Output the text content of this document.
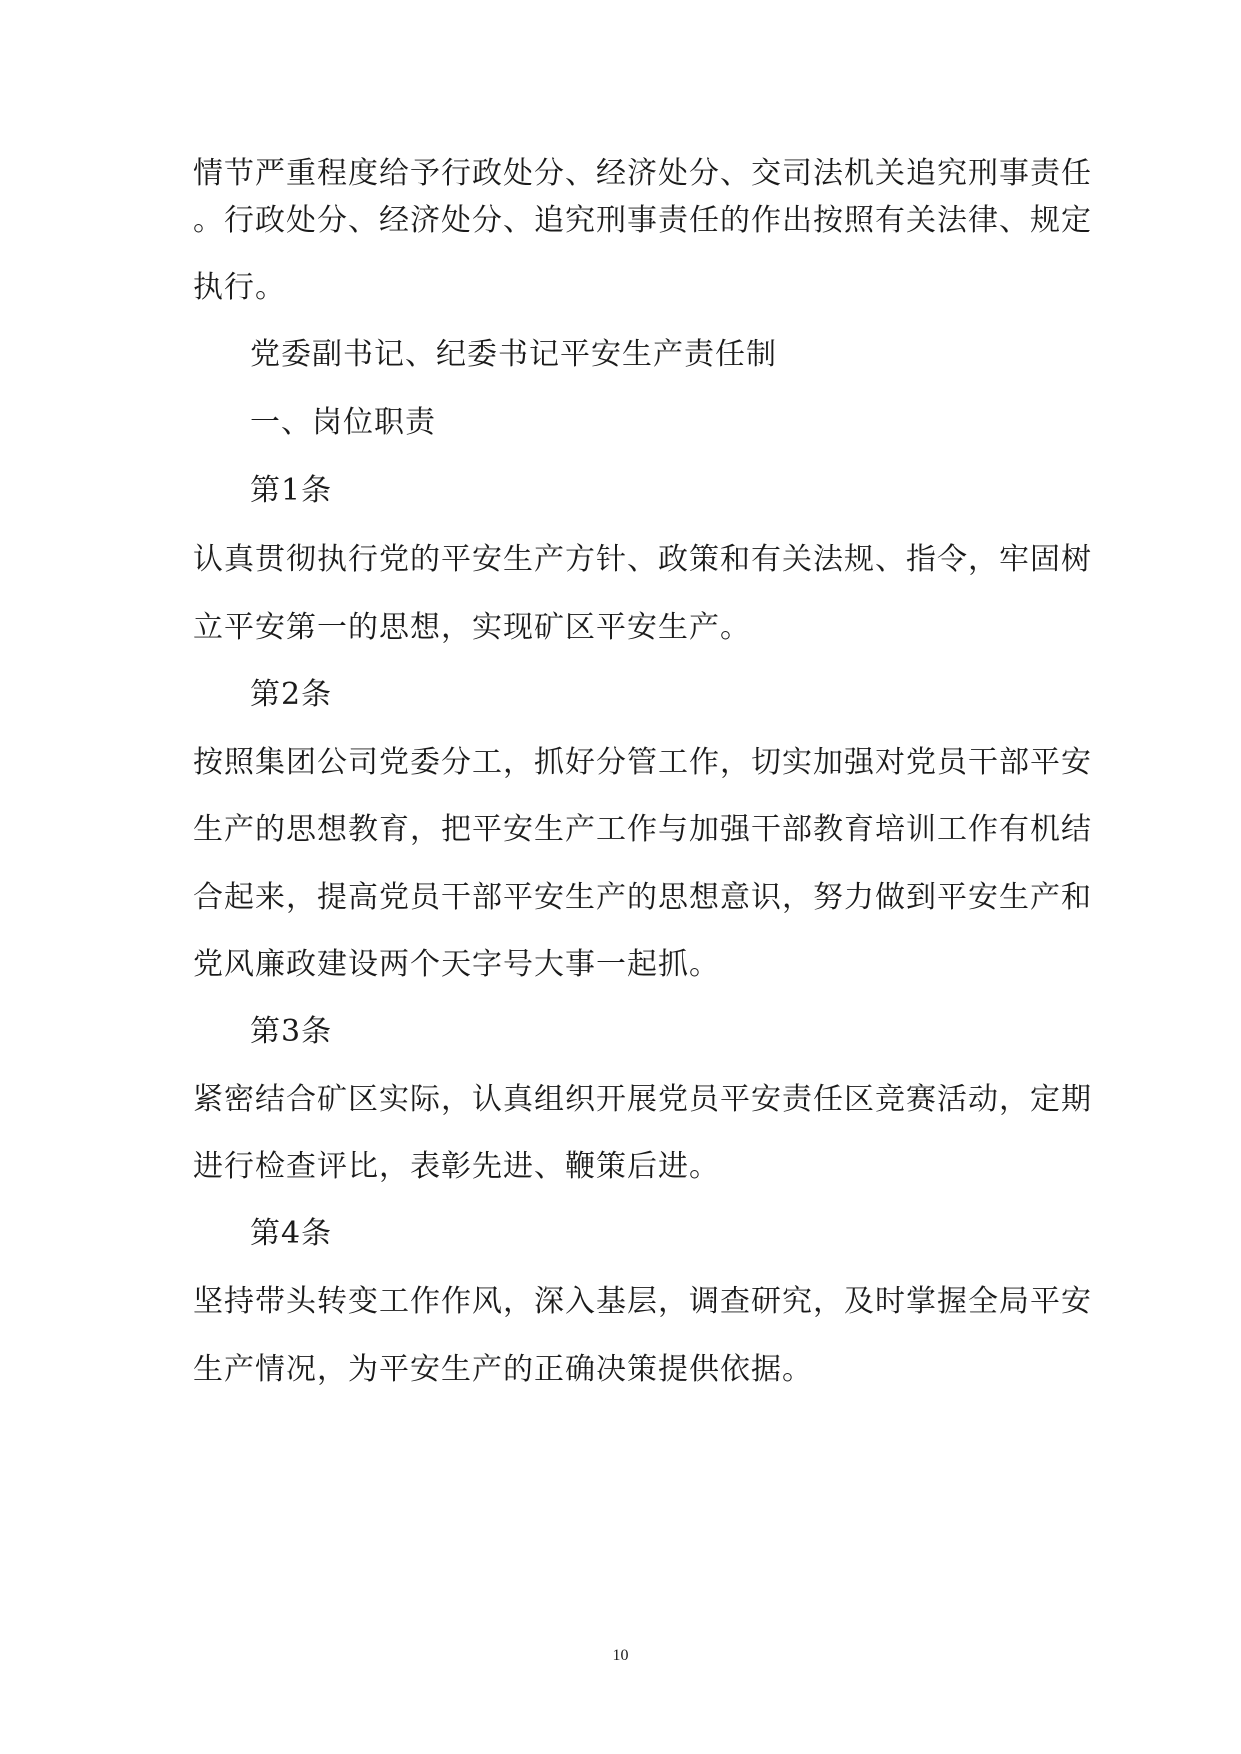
情节严重程度给予行政处分、经济处分、交司法机关追究刑事责任
。行政处分、经济处分、追究刑事责任的作出按照有关法律、规定
执行。
党委副书记、纪委书记平安生产责任制
一、岗位职责
第1条
认真贯彻执行党的平安生产方针、政策和有关法规、指令，牢固树
立平安第一的思想，实现矿区平安生产。
第2条
按照集团公司党委分工，抓好分管工作，切实加强对党员干部平安
生产的思想教育，把平安生产工作与加强干部教育培训工作有机结
合起来，提高党员干部平安生产的思想意识，努力做到平安生产和
党风廉政建设两个天字号大事一起抓。
第3条
紧密结合矿区实际，认真组织开展党员平安责任区竞赛活动，定期
进行检查评比，表彰先进、鞭策后进。
第4条
坚持带头转变工作作风，深入基层，调查研究，及时掌握全局平安
生产情况，为平安生产的正确决策提供依据。
10
